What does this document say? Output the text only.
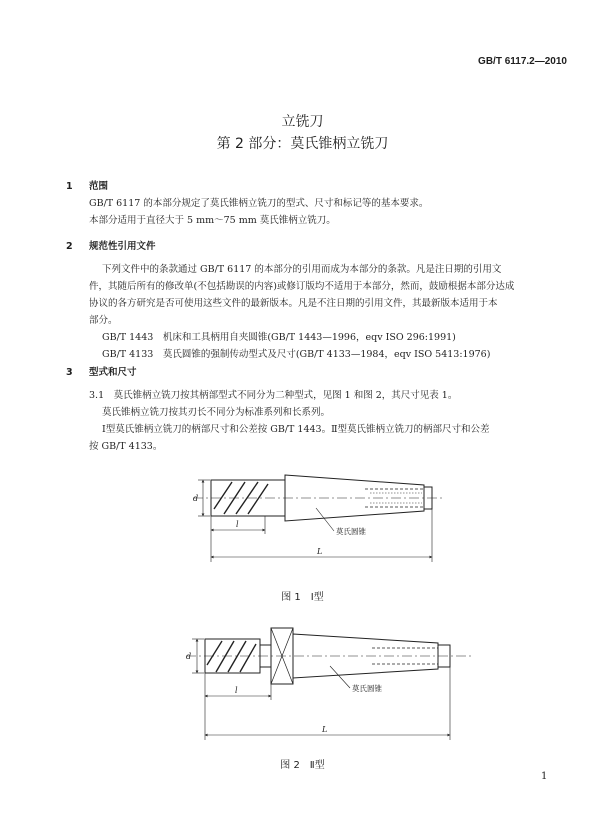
GB/T 6117.2—2010
立铣刀
第 2 部分：莫氏锥柄立铣刀
1 范围
GB/T 6117 的本部分规定了莫氏锥柄立铣刀的型式、尺寸和标记等的基本要求。
本部分适用于直径大于 5 mm～75 mm 莫氏锥柄立铣刀。
2 规范性引用文件
下列文件中的条款通过 GB/T 6117 的本部分的引用而成为本部分的条款。凡是注日期的引用文
件，其随后所有的修改单(不包括勘误的内容)或修订版均不适用于本部分，然而，鼓励根据本部分达成
协议的各方研究是否可使用这些文件的最新版本。凡是不注日期的引用文件，其最新版本适用于本
部分。
GB/T 1443　 机床和工具柄用自夹圆锥(GB/T 1443—1996，eqv ISO 296:1991)
GB/T 4133　 莫氏圆锥的强制传动型式及尺寸(GB/T 4133—1984，eqv ISO 5413:1976)
3 型式和尺寸
3.1　 莫氏锥柄立铣刀按其柄部型式不同分为二种型式，见图 1 和图 2，其尺寸见表 1。
莫氏锥柄立铣刀按其刃长不同分为标准系列和长系列。
Ⅰ型莫氏锥柄立铣刀的柄部尺寸和公差按 GB/T 1443。Ⅱ型莫氏锥柄立铣刀的柄部尺寸和公差
按 GB/T 4133。
d
l
L
莫氏圆锥
d
l
L
莫氏圆锥
图 1　Ⅰ型
图 2　Ⅱ型
1
